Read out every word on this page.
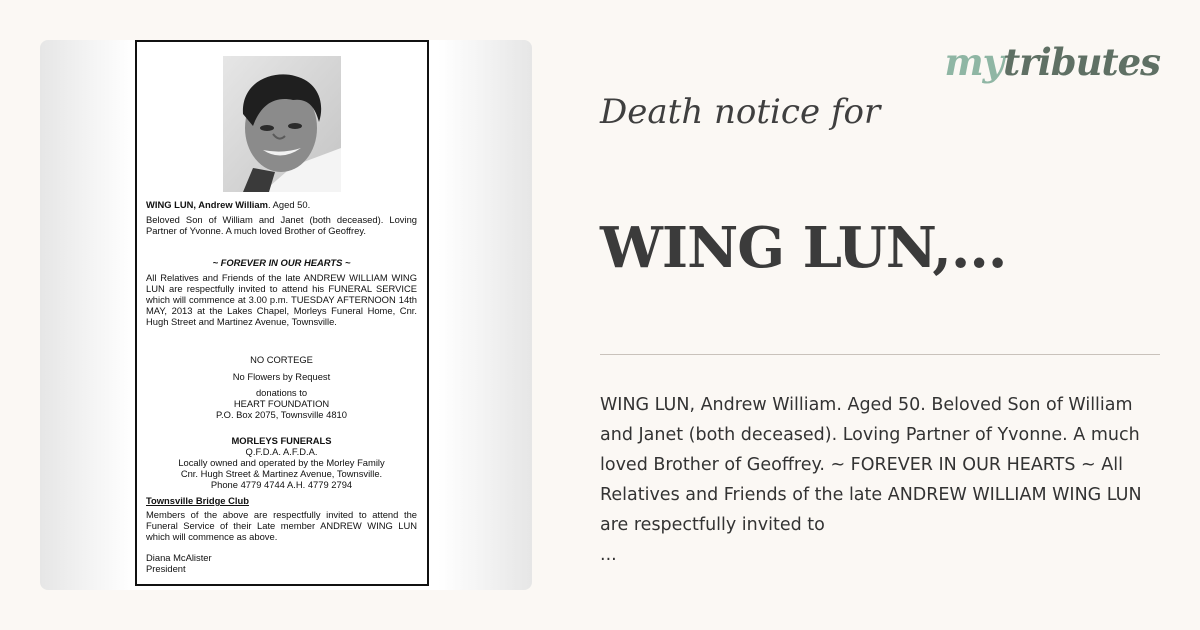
WING LUN, Andrew William. Aged 50.
Beloved Son of William and Janet (both deceased). Loving Partner of Yvonne. A much loved Brother of Geoffrey.
~ FOREVER IN OUR HEARTS ~
All Relatives and Friends of the late ANDREW WILLIAM WING LUN are respectfully invited to attend his FUNERAL SERVICE which will commence at 3.00 p.m. TUESDAY AFTERNOON 14th MAY, 2013 at the Lakes Chapel, Morleys Funeral Home, Cnr. Hugh Street and Martinez Avenue, Townsville.
NO CORTEGE
No Flowers by Request
donations to
HEART FOUNDATION
P.O. Box 2075, Townsville 4810
MORLEYS FUNERALS
Q.F.D.A. A.F.D.A.
Locally owned and operated by the Morley Family
Cnr. Hugh Street & Martinez Avenue, Townsville.
Phone 4779 4744 A.H. 4779 2794
Townsville Bridge Club
Members of the above are respectfully invited to attend the Funeral Service of their Late member ANDREW WING LUN which will commence as above.
Diana McAlister
President
mytributes
Death notice for
WING LUN,...
WING LUN, Andrew William. Aged 50. Beloved Son of William and Janet (both deceased). Loving Partner of Yvonne. A much loved Brother of Geoffrey. ~ FOREVER IN OUR HEARTS ~ All Relatives and Friends of the late ANDREW WILLIAM WING LUN are respectfully invited to
...
